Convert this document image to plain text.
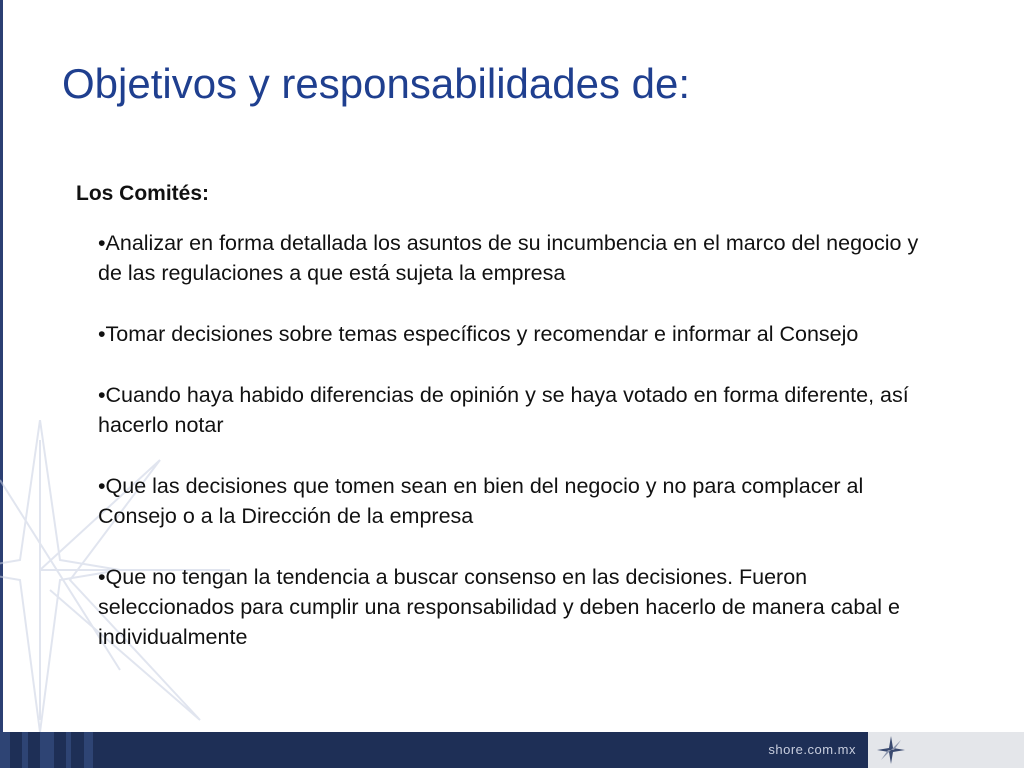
Objetivos y responsabilidades de:
Los Comités:
•Analizar en forma detallada los asuntos de su incumbencia en el marco del negocio y de las regulaciones a que está sujeta la empresa
•Tomar decisiones sobre temas específicos y recomendar e informar al Consejo
•Cuando haya habido diferencias de opinión y se haya votado en forma diferente, así hacerlo notar
•Que las decisiones que tomen sean en bien del negocio y no para complacer al Consejo o a la Dirección de la empresa
•Que no tengan la tendencia a buscar consenso en las decisiones. Fueron seleccionados para cumplir una responsabilidad y deben hacerlo de manera cabal e individualmente
shore.com.mx
